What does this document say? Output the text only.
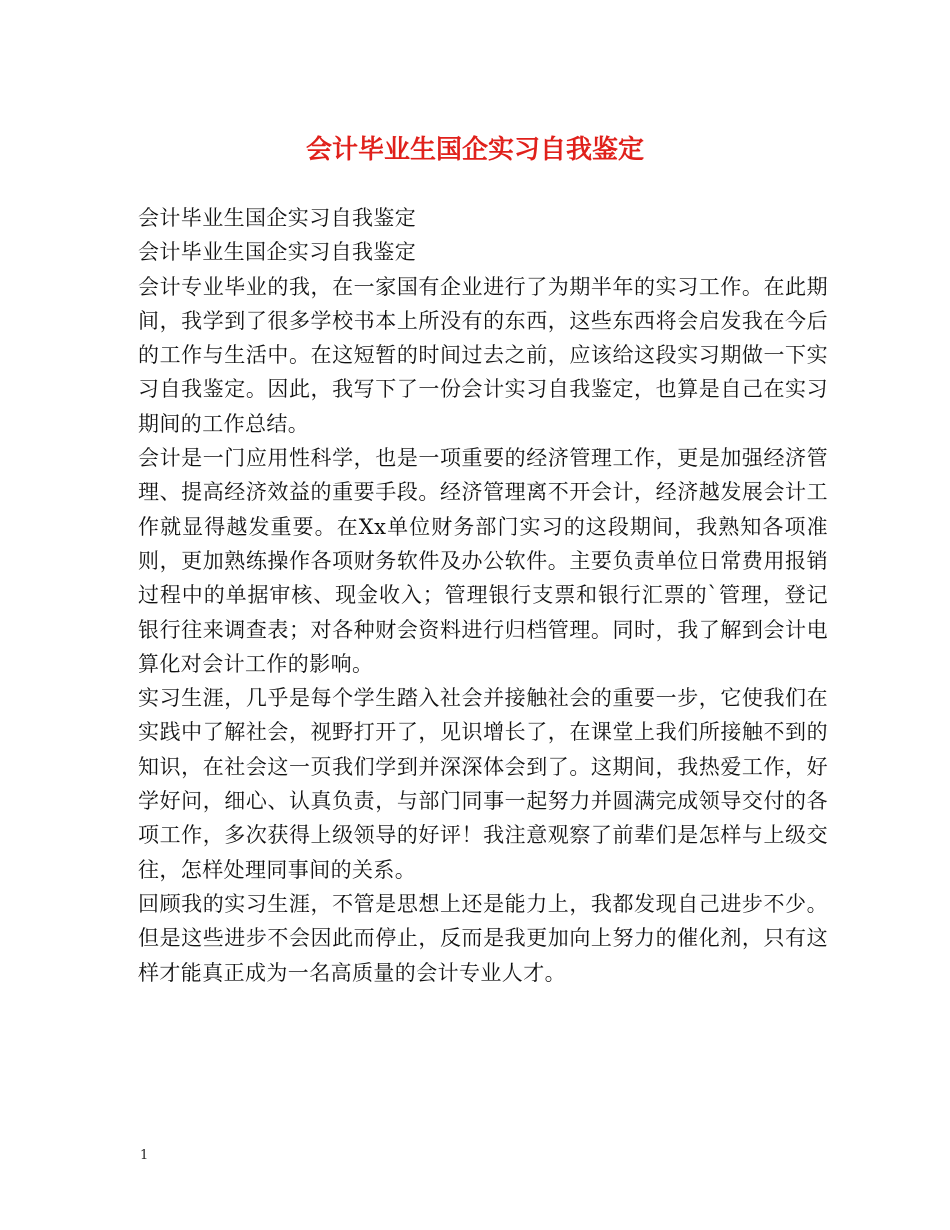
会计毕业生国企实习自我鉴定

会计毕业生国企实习自我鉴定

会计毕业生国企实习自我鉴定

会计专业毕业的我，在一家国有企业进行了为期半年的实习工作。在此期间，我学到了很多学校书本上所没有的东西，这些东西将会启发我在今后的工作与生活中。在这短暂的时间过去之前，应该给这段实习期做一下实习自我鉴定。因此，我写下了一份会计实习自我鉴定，也算是自己在实习期间的工作总结。

会计是一门应用性科学，也是一项重要的经济管理工作，更是加强经济管理、提高经济效益的重要手段。经济管理离不开会计，经济越发展会计工作就显得越发重要。在Xx单位财务部门实习的这段期间，我熟知各项准则，更加熟练操作各项财务软件及办公软件。主要负责单位日常费用报销过程中的单据审核、现金收入；管理银行支票和银行汇票的`管理，登记银行往来调查表；对各种财会资料进行归档管理。同时，我了解到会计电算化对会计工作的影响。

实习生涯，几乎是每个学生踏入社会并接触社会的重要一步，它使我们在实践中了解社会，视野打开了，见识增长了，在课堂上我们所接触不到的知识，在社会这一页我们学到并深深体会到了。这期间，我热爱工作，好学好问，细心、认真负责，与部门同事一起努力并圆满完成领导交付的各项工作，多次获得上级领导的好评！我注意观察了前辈们是怎样与上级交往，怎样处理同事间的关系。

回顾我的实习生涯，不管是思想上还是能力上，我都发现自己进步不少。但是这些进步不会因此而停止，反而是我更加向上努力的催化剂，只有这样才能真正成为一名高质量的会计专业人才。

1
